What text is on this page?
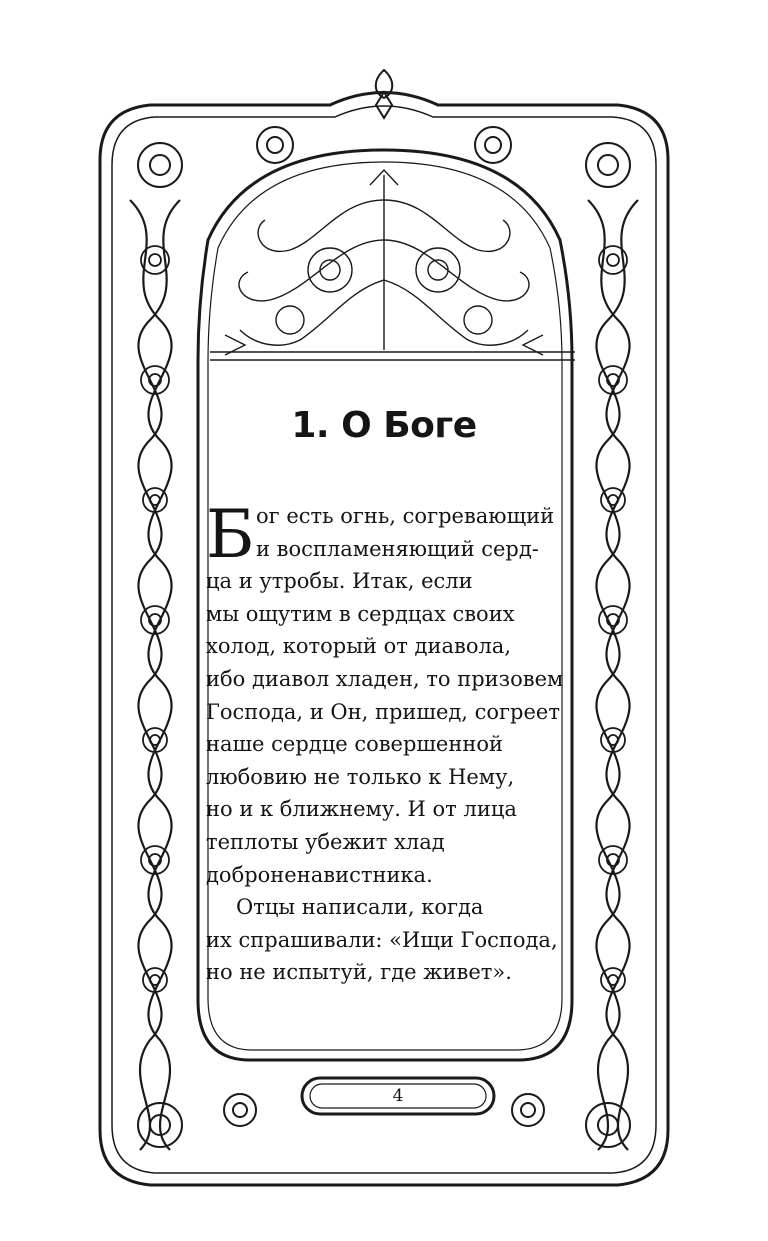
1. О Боге
Б ог есть огнь, согревающий
и воспламеняющий серд-
ца и утробы. Итак, если
мы ощутим в сердцах своих
холод, который от диавола,
ибо диавол хладен, то призовем
Господа, и Он, пришед, согреет
наше сердце совершенной
любовию не только к Нему,
но и к ближнему. И от лица
теплоты убежит хлад
доброненавистника.
Отцы написали, когда
их спрашивали: «Ищи Господа,
но не испытуй, где живет».
4
